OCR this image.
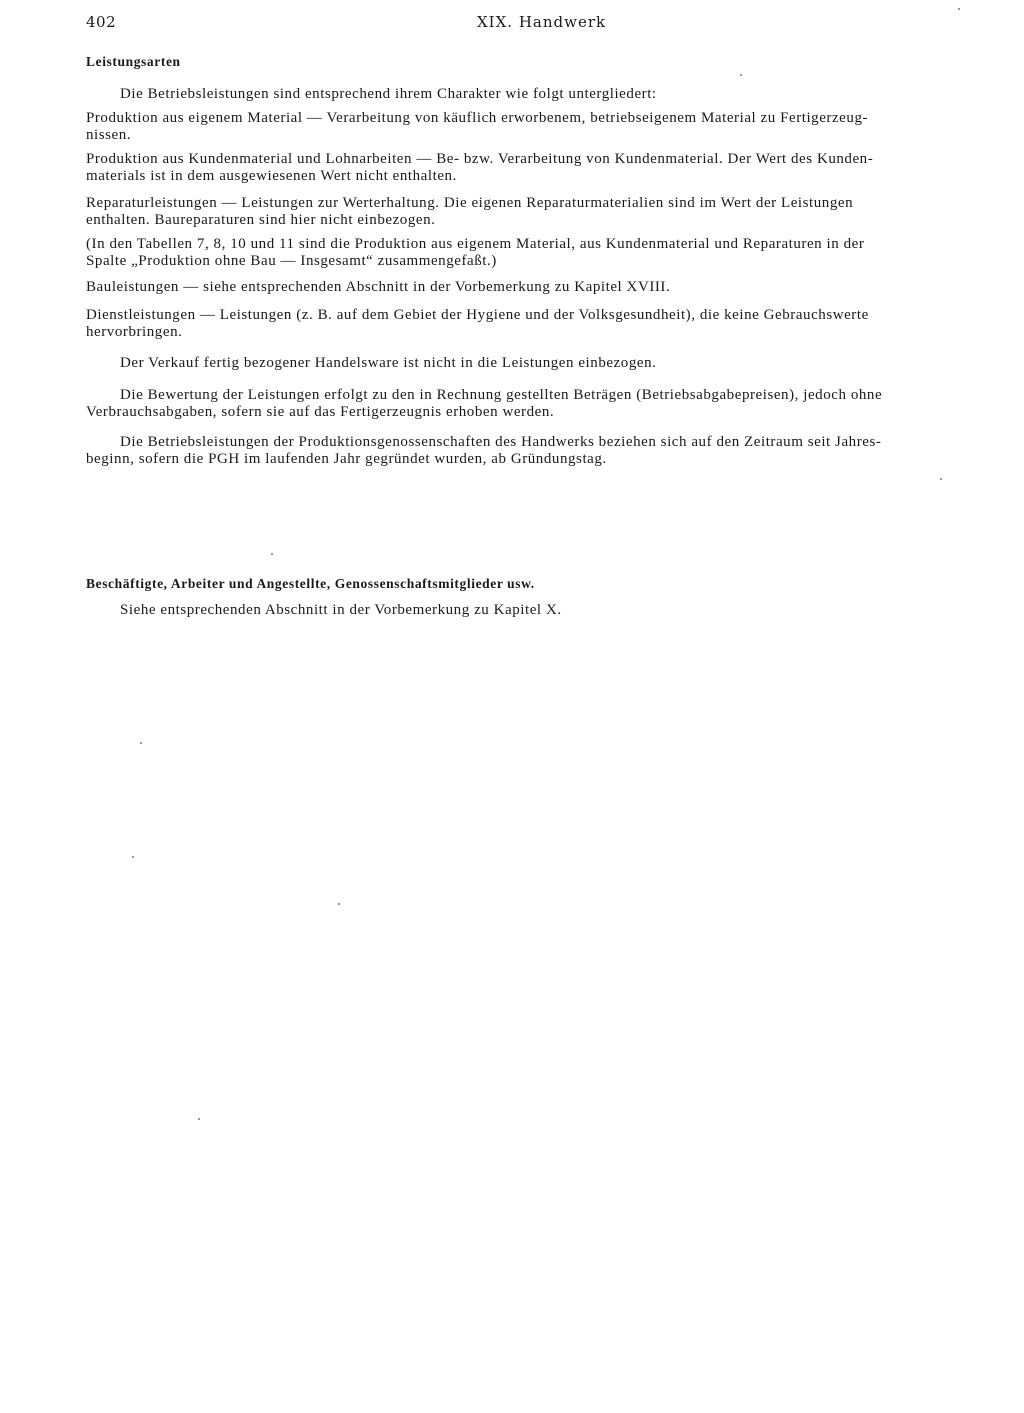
402	XIX. Handwerk
Leistungsarten

Die Betriebsleistungen sind entsprechend ihrem Charakter wie folgt untergliedert:

Produktion aus eigenem Material — Verarbeitung von käuflich erworbenem, betriebseigenem Material zu Fertigerzeug-
nissen.

Produktion aus Kundenmaterial und Lohnarbeiten — Be- bzw. Verarbeitung von Kundenmaterial. Der Wert des Kunden-
materials ist in dem ausgewiesenen Wert nicht enthalten.

Reparaturleistungen — Leistungen zur Werterhaltung. Die eigenen Reparaturmaterialien sind im Wert der Leistungen
enthalten. Baureparaturen sind hier nicht einbezogen.

(In den Tabellen 7, 8, 10 und 11 sind die Produktion aus eigenem Material, aus Kundenmaterial und Reparaturen in der
Spalte „Produktion ohne Bau — Insgesamt“ zusammengefaßt.)

Bauleistungen — siehe entsprechenden Abschnitt in der Vorbemerkung zu Kapitel XVIII.

Dienstleistungen — Leistungen (z. B. auf dem Gebiet der Hygiene und der Volksgesundheit), die keine Gebrauchswerte
hervorbringen.

Der Verkauf fertig bezogener Handelsware ist nicht in die Leistungen einbezogen.

Die Bewertung der Leistungen erfolgt zu den in Rechnung gestellten Beträgen (Betriebsabgabepreisen), jedoch ohne
Verbrauchsabgaben, sofern sie auf das Fertigerzeugnis erhoben werden.

Die Betriebsleistungen der Produktionsgenossenschaften des Handwerks beziehen sich auf den Zeitraum seit Jahres-
beginn, sofern die PGH im laufenden Jahr gegründet wurden, ab Gründungstag.

Beschäftigte, Arbeiter und Angestellte, Genossenschaftsmitglieder usw.

Siehe entsprechenden Abschnitt in der Vorbemerkung zu Kapitel X.
